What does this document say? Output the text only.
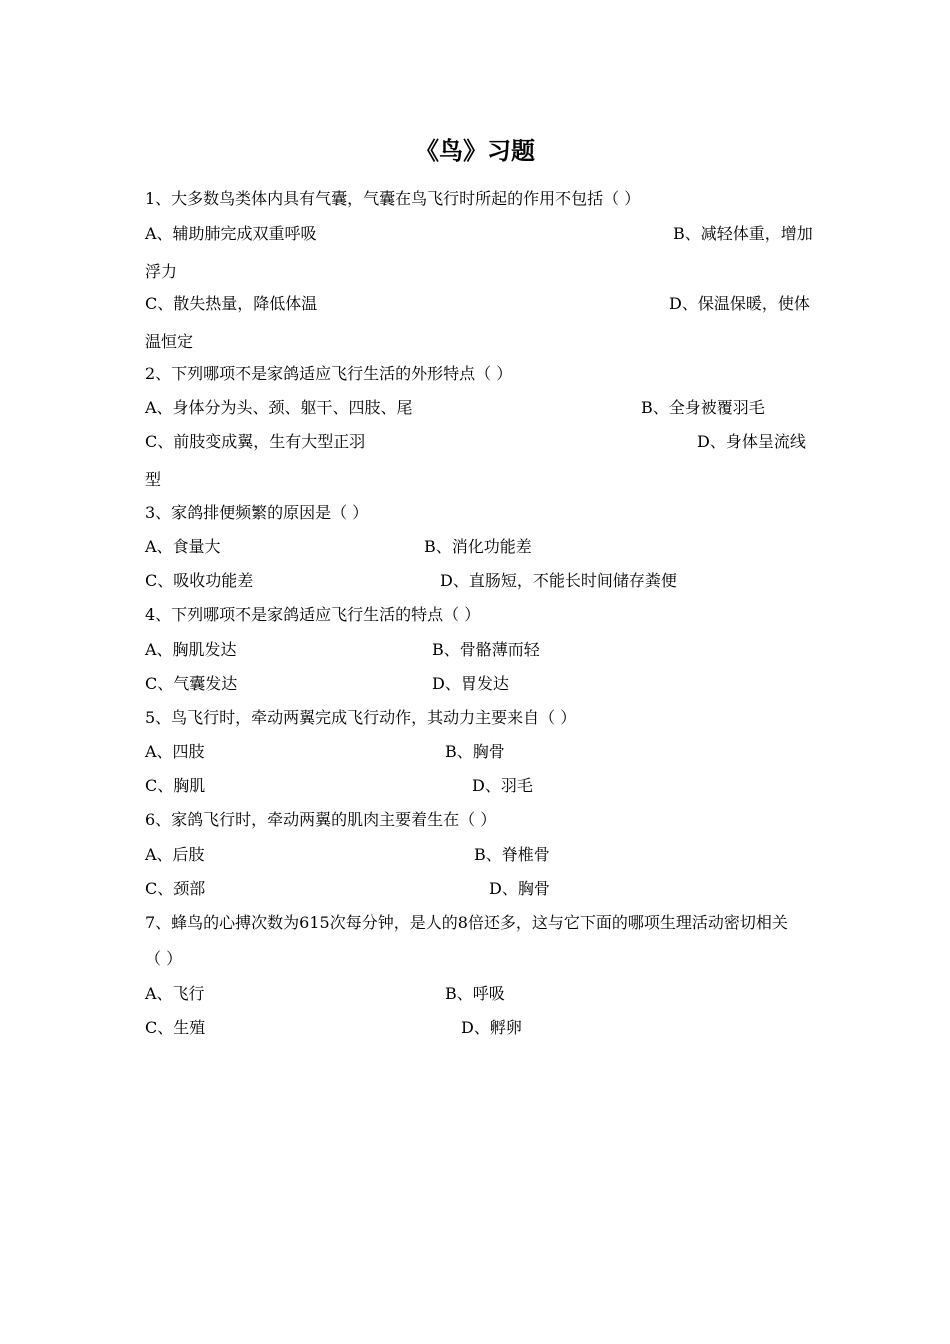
《鸟》习题
1、大多数鸟类体内具有气囊，气囊在鸟飞行时所起的作用不包括（ ）
A、辅助肺完成双重呼吸	B、减轻体重，增加
浮力
C、散失热量，降低体温	D、保温保暖，使体
温恒定
2、下列哪项不是家鸽适应飞行生活的外形特点（ ）
A、身体分为头、颈、躯干、四肢、尾	B、全身被覆羽毛
C、前肢变成翼，生有大型正羽	D、身体呈流线
型
3、家鸽排便频繁的原因是（ ）
A、食量大	B、消化功能差
C、吸收功能差	D、直肠短，不能长时间储存粪便
4、下列哪项不是家鸽适应飞行生活的特点（ ）
A、胸肌发达	B、骨骼薄而轻
C、气囊发达	D、胃发达
5、鸟飞行时，牵动两翼完成飞行动作，其动力主要来自（ ）
A、四肢	B、胸骨
C、胸肌	D、羽毛
6、家鸽飞行时，牵动两翼的肌肉主要着生在（ ）
A、后肢	B、脊椎骨
C、颈部	D、胸骨
7、蜂鸟的心搏次数为615次每分钟，是人的8倍还多，这与它下面的哪项生理活动密切相关
（ ）
A、飞行	B、呼吸
C、生殖	D、孵卵
